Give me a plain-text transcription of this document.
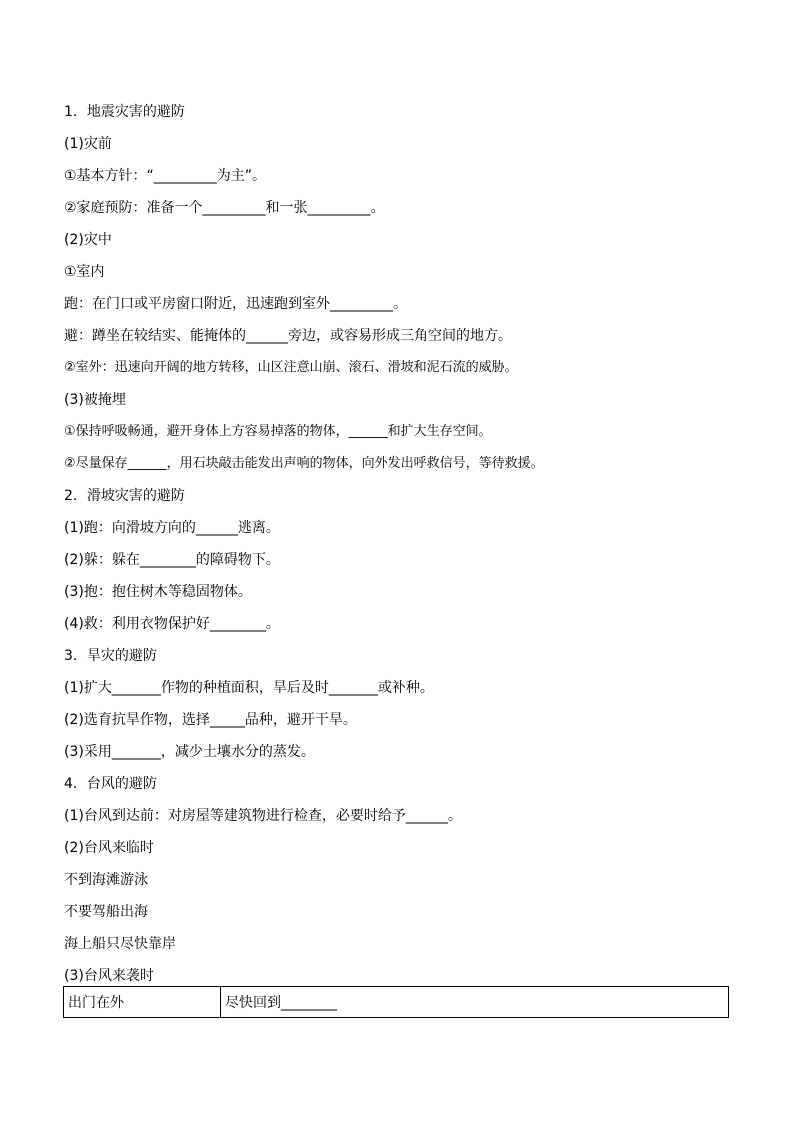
1．地震灾害的避防
(1)灾前
①基本方针：“_________为主”。
②家庭预防：准备一个_________和一张_________。
(2)灾中
①室内
跑：在门口或平房窗口附近，迅速跑到室外_________。
避：蹲坐在较结实、能掩体的______旁边，或容易形成三角空间的地方。
②室外：迅速向开阔的地方转移，山区注意山崩、滚石、滑坡和泥石流的威胁。
(3)被掩埋
①保持呼吸畅通，避开身体上方容易掉落的物体，______和扩大生存空间。
②尽量保存______，用石块敲击能发出声响的物体，向外发出呼救信号，等待救援。
2．滑坡灾害的避防
(1)跑：向滑坡方向的______逃离。
(2)躲：躲在________的障碍物下。
(3)抱：抱住树木等稳固物体。
(4)救：利用衣物保护好________。
3．旱灾的避防
(1)扩大_______作物的种植面积，旱后及时_______或补种。
(2)选育抗旱作物，选择_____品种，避开干旱。
(3)采用_______，减少土壤水分的蒸发。
4．台风的避防
(1)台风到达前：对房屋等建筑物进行检查，必要时给予______。
(2)台风来临时
不到海滩游泳
不要驾船出海
海上船只尽快靠岸
(3)台风来袭时
出门在外	尽快回到________
